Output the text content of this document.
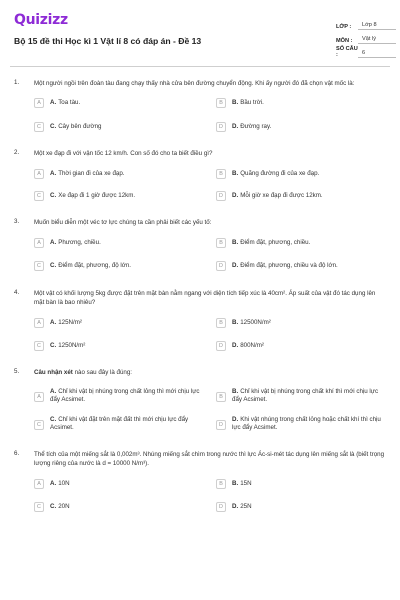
Quizizz
Bộ 15 đề thi Học kì 1 Vật lí 8 có đáp án - Đề 13
LỚP :	Lớp 8
MÔN :	Vật lý
SỐ CÂU :	6
1. Một người ngồi trên đoàn tàu đang chạy thấy nhà cửa bên đường chuyển động. Khi ấy người đó đã chọn vật mốc là:
A	A. Toa tàu.	B	B. Bầu trời.
C	C. Cây bên đường	D	D. Đường ray.
2. Một xe đạp đi với vận tốc 12 km/h. Con số đó cho ta biết điều gì?
A	A. Thời gian đi của xe đạp.	B	B. Quãng đường đi của xe đạp.
C	C. Xe đạp đi 1 giờ được 12km.	D	D. Mỗi giờ xe đạp đi được 12km.
3. Muốn biểu diễn một véc tơ lực chúng ta cần phải biết các yếu tố:
A	A. Phương, chiều.	B	B. Điểm đặt, phương, chiều.
C	C. Điểm đặt, phương, độ lớn.	D	D. Điểm đặt, phương, chiều và độ lớn.
4. Một vật có khối lượng 5kg được đặt trên mặt bàn nằm ngang với diện tích tiếp xúc là 40cm². Áp suất của vật đó tác dụng lên mặt bàn là bao nhiêu?
A	A. 125N/m²	B	B. 12500N/m²
C	C. 1250N/m²	D	D. 800N/m²
5. Câu nhận xét nào sau đây là đúng:
A
A. Chỉ khi vật bị nhúng trong chất lỏng thì mới chịu lực đẩy Acsimet.	B
B. Chỉ khi vật bị nhúng trong chất khí thì mới chịu lực đẩy Acsimet.
C
C. Chỉ khi vật đặt trên mặt đất thì mới chịu lực đẩy Acsimet.	D
D. Khi vật nhúng trong chất lỏng hoặc chất khí thì chịu lực đẩy Acsimet.
6. Thể tích của một miếng sắt là 0,002m³. Nhúng miếng sắt chìm trong nước thì lực Ác-si-mét tác dụng lên miếng sắt là (biết trọng lượng riêng của nước là d = 10000 N/m³).
A	A. 10N	B	B. 15N
C	C. 20N	D	D. 25N
